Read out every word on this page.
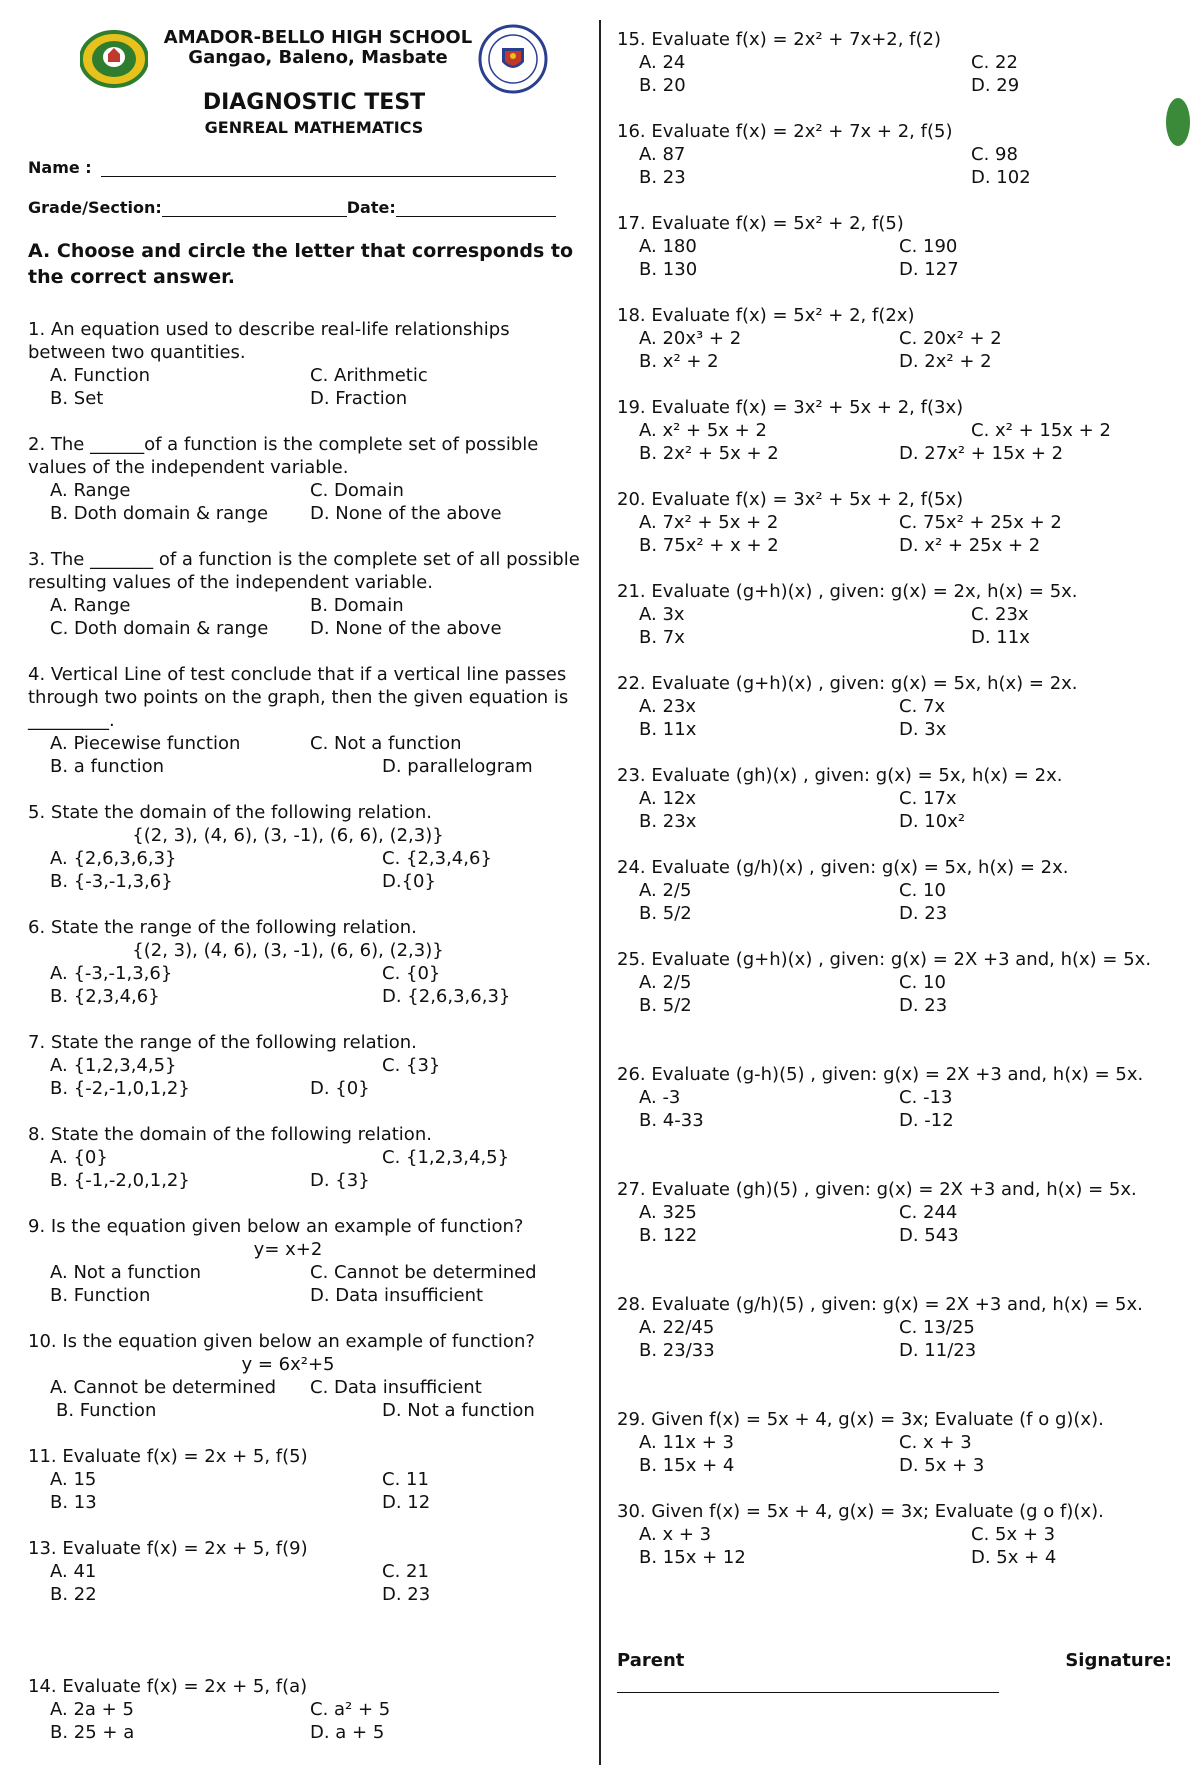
AMADOR-BELLO HIGH SCHOOL
Gangao, Baleno, Masbate
DIAGNOSTIC TEST
GENREAL MATHEMATICS
Name :
Grade/Section:	Date:
A. Choose and circle the letter that corresponds to the correct answer.
1. An equation used to describe real-life relationships between two quantities.
A. Function
B. Set
C. Arithmetic
D. Fraction
2. The ______of a function is the complete set of possible values of the independent variable.
A. Range
B. Doth domain & range
C. Domain
D. None of the above
3. The _______ of a function is the complete set of all possible resulting values of the independent variable.
A. Range
C. Doth domain & range
B. Domain
D. None of the above
4. Vertical Line of test conclude that if a vertical line passes through two points on the graph, then the given equation is _________.
A. Piecewise function
B. a function
C. Not a function
D. parallelogram
5. State the domain of the following relation.
{(2, 3), (4, 6), (3, -1), (6, 6), (2,3)}
A. {2,6,3,6,3}
B. {-3,-1,3,6}
C. {2,3,4,6}
D.{0}
6. State the range of the following relation.
{(2, 3), (4, 6), (3, -1), (6, 6), (2,3)}
A. {-3,-1,3,6}
B. {2,3,4,6}
C. {0}
D. {2,6,3,6,3}
7. State the range of the following relation.
A. {1,2,3,4,5}
B. {-2,-1,0,1,2}
C. {3}
D. {0}
8. State the domain of the following relation.
A. {0}
B. {-1,-2,0,1,2}
C. {1,2,3,4,5}
D. {3}
9. Is the equation given below an example of function?
y= x+2
A. Not a function
B. Function
C. Cannot be determined
D. Data insufficient
10. Is the equation given below an example of function?
y = 6x²+5
A. Cannot be determined
B. Function
C. Data insufficient
D. Not a function
11. Evaluate f(x) = 2x + 5, f(5)
A. 15
B. 13
C. 11
D. 12
13. Evaluate f(x) = 2x + 5, f(9)
A. 41
B. 22
C. 21
D. 23
14. Evaluate f(x) = 2x + 5, f(a)
A. 2a + 5
B. 25 + a
C. a² + 5
D. a + 5
15. Evaluate f(x) = 2x² + 7x+2, f(2)
A. 24
B. 20
C. 22
D. 29
16. Evaluate f(x) = 2x² + 7x + 2, f(5)
A. 87
B. 23
C. 98
D. 102
17. Evaluate f(x) = 5x² + 2, f(5)
A. 180
B. 130
C. 190
D. 127
18. Evaluate f(x) = 5x² + 2, f(2x)
A. 20x³ + 2
B. x² + 2
C. 20x² + 2
D. 2x² + 2
19. Evaluate f(x) = 3x² + 5x + 2, f(3x)
A. x² + 5x + 2
B. 2x² + 5x + 2
C. x² + 15x + 2
D. 27x² + 15x + 2
20. Evaluate f(x) = 3x² + 5x + 2, f(5x)
A. 7x² + 5x + 2
B. 75x² + x + 2
C. 75x² + 25x + 2
D. x² + 25x + 2
21. Evaluate (g+h)(x) , given: g(x) = 2x, h(x) = 5x.
A. 3x
B. 7x
C. 23x
D. 11x
22. Evaluate (g+h)(x) , given: g(x) = 5x, h(x) = 2x.
A. 23x
B. 11x
C. 7x
D. 3x
23. Evaluate (gh)(x) , given: g(x) = 5x, h(x) = 2x.
A. 12x
B. 23x
C. 17x
D. 10x²
24. Evaluate (g/h)(x) , given: g(x) = 5x, h(x) = 2x.
A. 2/5
B. 5/2
C. 10
D. 23
25. Evaluate (g+h)(x) , given: g(x) = 2X +3 and, h(x) = 5x.
A. 2/5
B. 5/2
C. 10
D. 23
26. Evaluate (g-h)(5) , given: g(x) = 2X +3 and, h(x) = 5x.
A. -3
B. 4-33
C. -13
D. -12
27. Evaluate (gh)(5) , given: g(x) = 2X +3 and, h(x) = 5x.
A. 325
B. 122
C. 244
D. 543
28. Evaluate (g/h)(5) , given: g(x) = 2X +3 and, h(x) = 5x.
A. 22/45
B. 23/33
C. 13/25
D. 11/23
29. Given f(x) = 5x + 4, g(x) = 3x; Evaluate (f o g)(x).
A. 11x + 3
B. 15x + 4
C. x + 3
D. 5x + 3
30. Given f(x) = 5x + 4, g(x) = 3x; Evaluate (g o f)(x).
A. x + 3
B. 15x + 12
C. 5x + 3
D. 5x + 4
Parent	Signature:
